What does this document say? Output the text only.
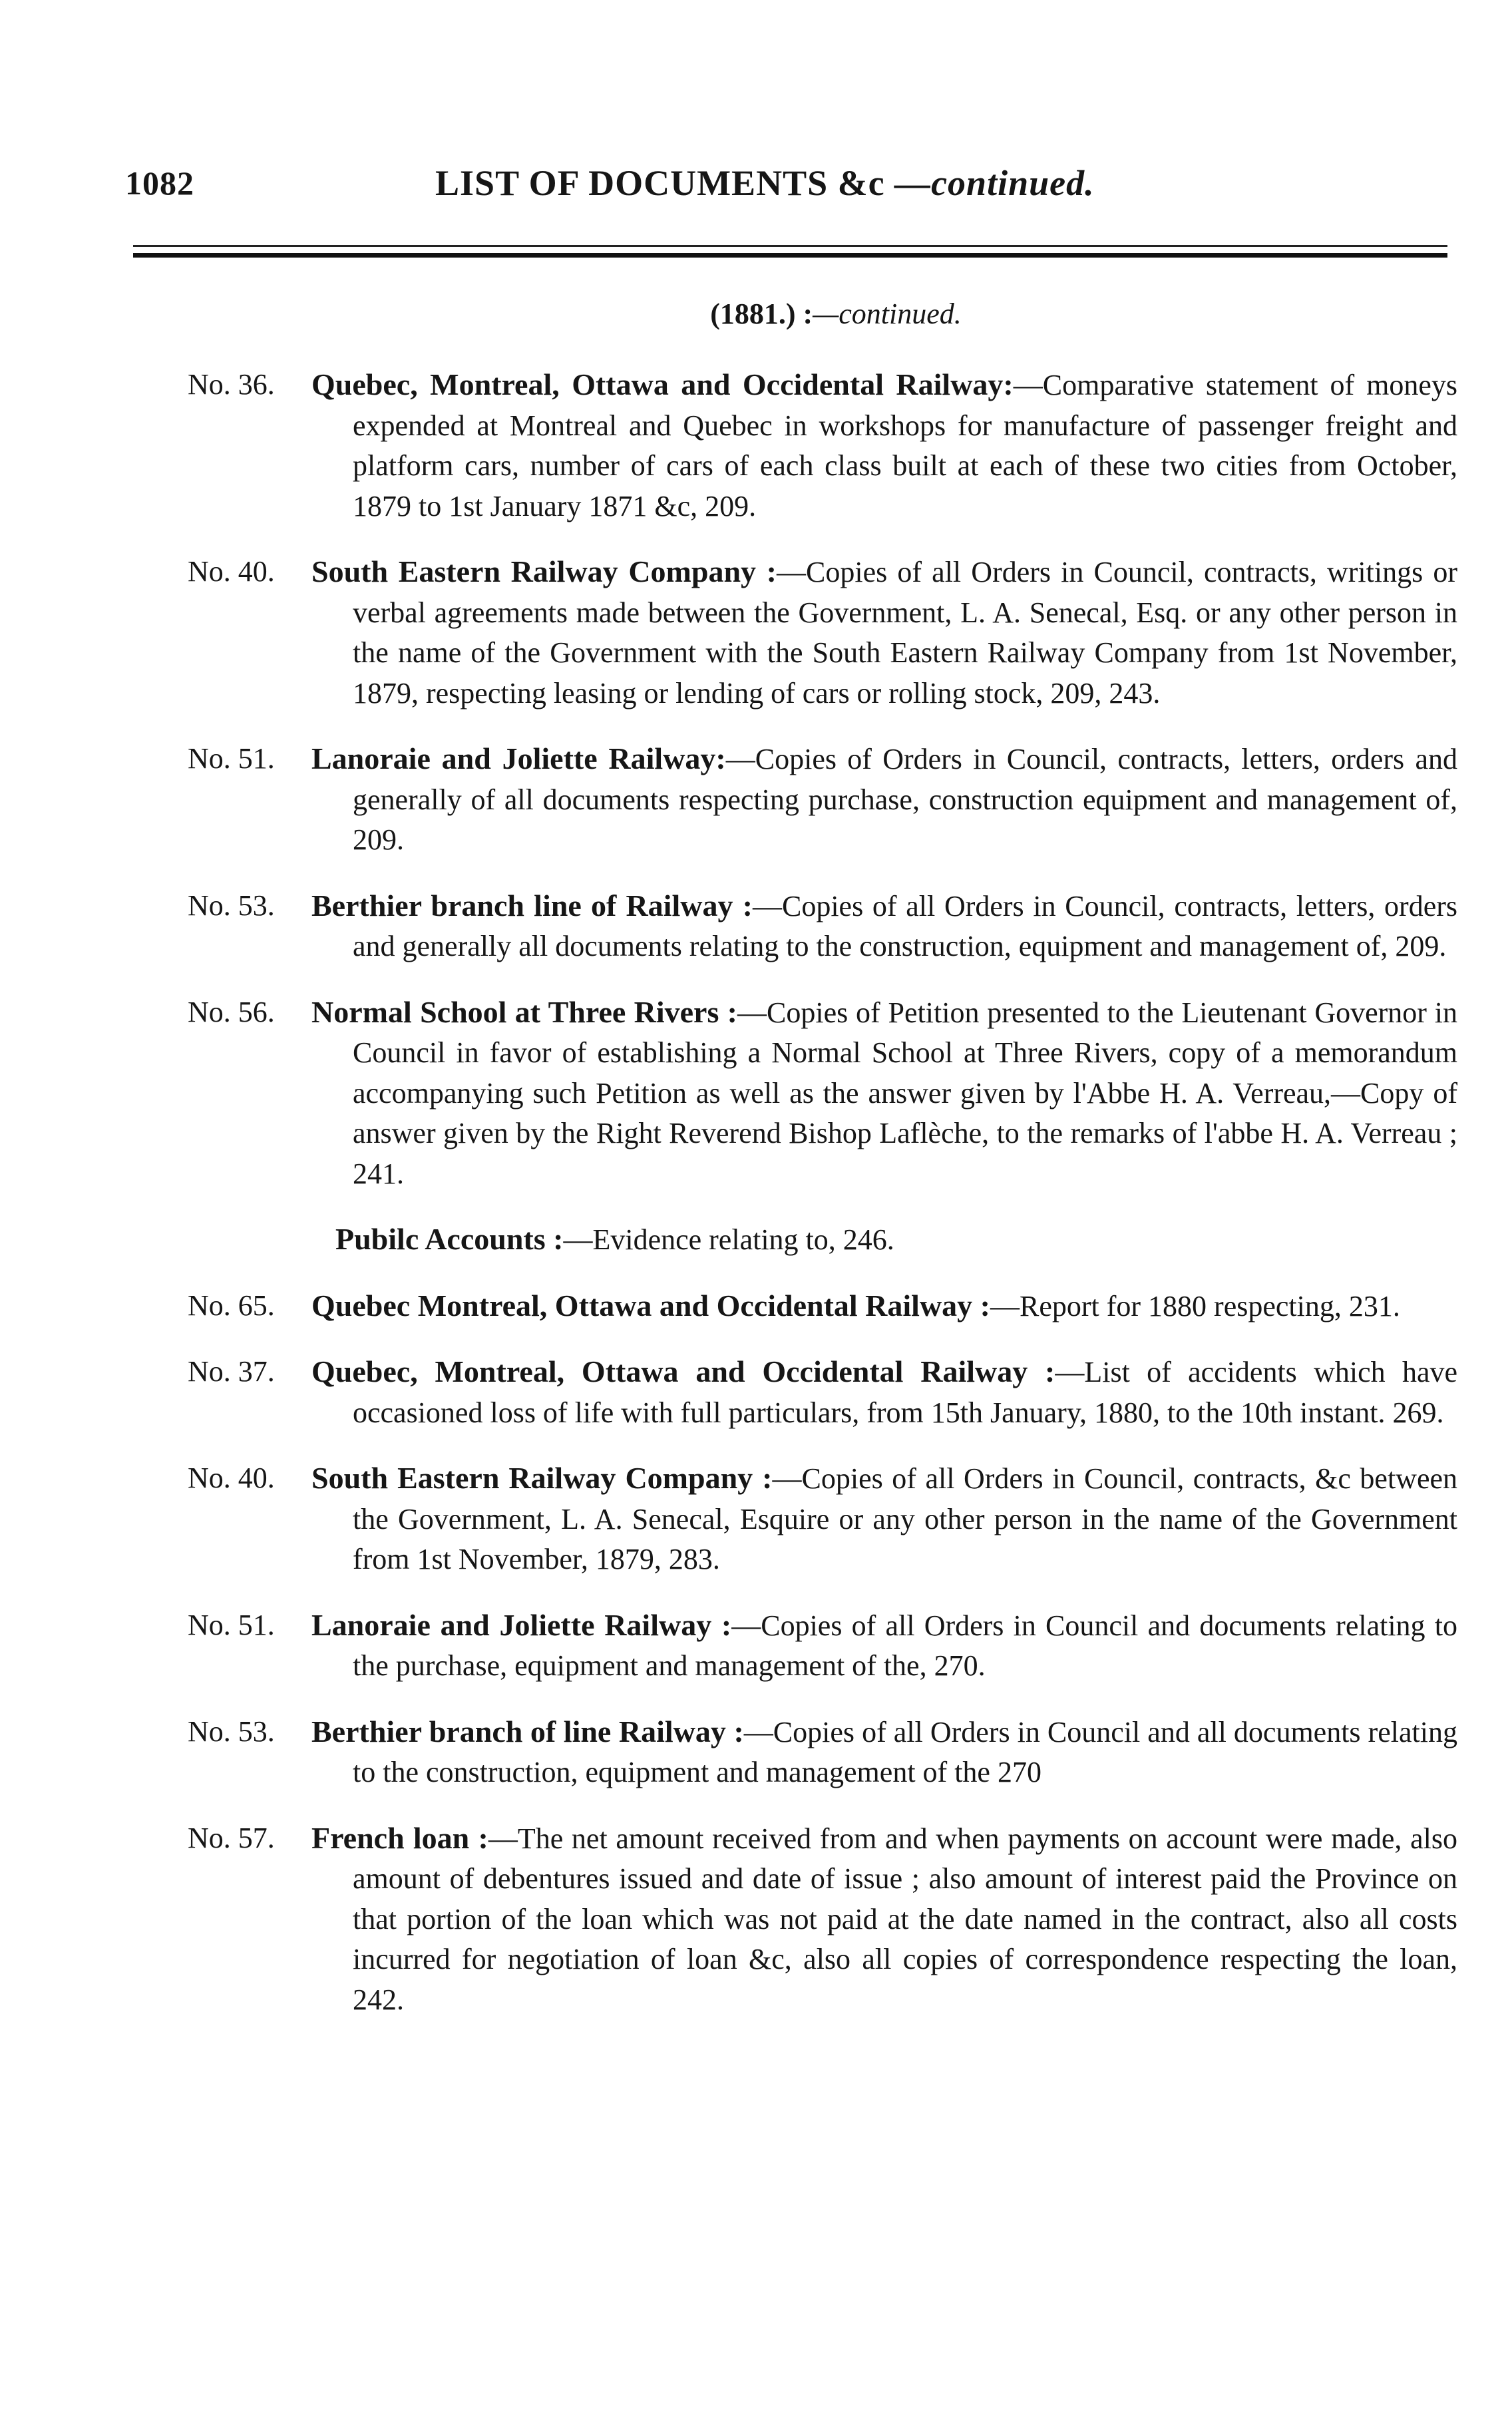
1082	LIST OF DOCUMENTS &c —continued.
(1881.) :—continued.
No. 36.	Quebec, Montreal, Ottawa and Occidental Railway:—Comparative statement of moneys expended at Montreal and Quebec in workshops for manufacture of passenger freight and platform cars, number of cars of each class built at each of these two cities from October, 1879 to 1st January 1871 &c, 209.
No. 40.	South Eastern Railway Company :—Copies of all Orders in Council, contracts, writings or verbal agreements made between the Government, L. A. Senecal, Esq. or any other person in the name of the Government with the South Eastern Railway Company from 1st November, 1879, respecting leasing or lending of cars or rolling stock, 209, 243.
No. 51.	Lanoraie and Joliette Railway:—Copies of Orders in Council, contracts, letters, orders and generally of all documents respecting purchase, construction equipment and management of, 209.
No. 53.	Berthier branch line of Railway :—Copies of all Orders in Council, contracts, letters, orders and generally all documents relating to the construction, equipment and management of, 209.
No. 56.	Normal School at Three Rivers :—Copies of Petition presented to the Lieutenant Governor in Council in favor of establishing a Normal School at Three Rivers, copy of a memorandum accompanying such Petition as well as the answer given by l'Abbe H. A. Verreau,—Copy of answer given by the Right Reverend Bishop Laflèche, to the remarks of l'abbe H. A. Verreau ; 241.
Pubilc Accounts :—Evidence relating to, 246.
No. 65.	Quebec Montreal, Ottawa and Occidental Railway :—Report for 1880 respecting, 231.
No. 37.	Quebec, Montreal, Ottawa and Occidental Railway :—List of accidents which have occasioned loss of life with full particulars, from 15th January, 1880, to the 10th instant. 269.
No. 40.	South Eastern Railway Company :—Copies of all Orders in Council, contracts, &c between the Government, L. A. Senecal, Esquire or any other person in the name of the Government from 1st November, 1879, 283.
No. 51.	Lanoraie and Joliette Railway :—Copies of all Orders in Council and documents relating to the purchase, equipment and management of the, 270.
No. 53.	Berthier branch of line Railway :—Copies of all Orders in Council and all documents relating to the construction, equipment and management of the 270
No. 57.	French loan :—The net amount received from and when payments on account were made, also amount of debentures issued and date of issue ; also amount of interest paid the Province on that portion of the loan which was not paid at the date named in the contract, also all costs incurred for negotiation of loan &c, also all copies of correspondence respecting the loan, 242.
